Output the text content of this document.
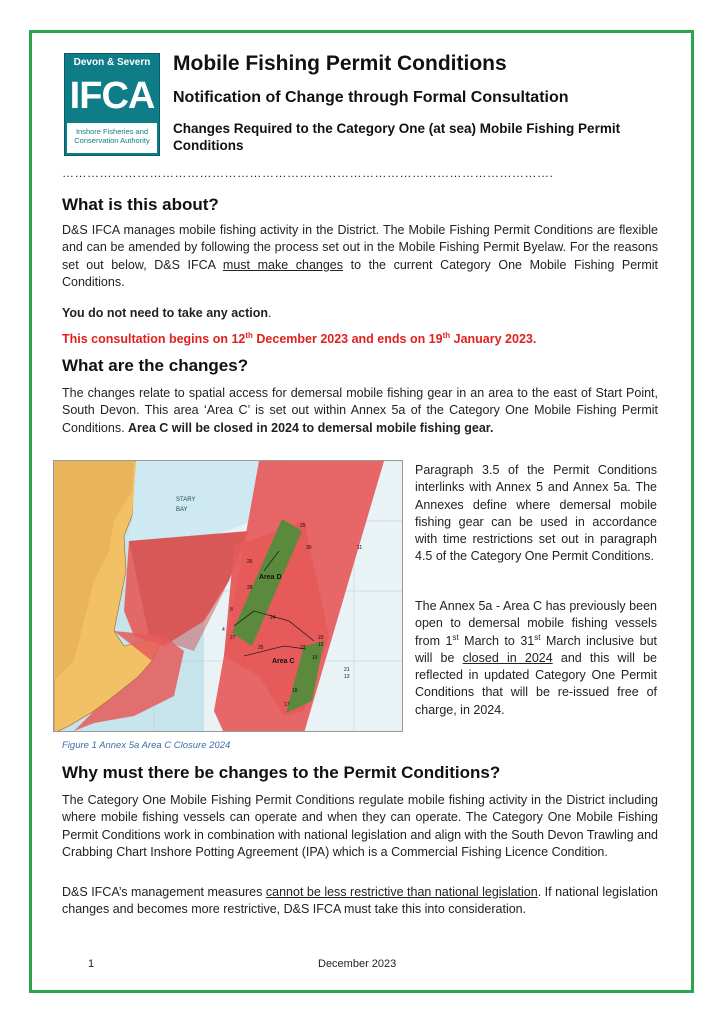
Devon & Severn
IFCA
Inshore Fisheries and Conservation Authority
Mobile Fishing Permit Conditions
Notification of Change through Formal Consultation
Changes Required to the Category One (at sea) Mobile Fishing Permit Conditions
……………………………………………………………………………………………………….
What is this about?
D&S IFCA manages mobile fishing activity in the District. The Mobile Fishing Permit Conditions are flexible and can be amended by following the process set out in the Mobile Fishing Permit Byelaw. For the reasons set out below, D&S IFCA must make changes to the current Category One Mobile Fishing Permit Conditions.
You do not need to take any action.
This consultation begins on 12th December 2023 and ends on 19th January 2023.
What are the changes?
The changes relate to spatial access for demersal mobile fishing gear in an area to the east of Start Point, South Devon. This area ‘Area C’ is set out within Annex 5a of the Category One Mobile Fishing Permit Conditions. Area C will be closed in 2024 to demersal mobile fishing gear.
STARY
BAY
Area D
Area C
29
30	11
26
28
24
27
25	22
19
20
12
21
13
18
17
8
4
Figure 1 Annex 5a Area C Closure 2024
Paragraph 3.5 of the Permit Conditions interlinks with Annex 5 and Annex 5a. The Annexes define where demersal mobile fishing gear can be used in accordance with time restrictions set out in paragraph 4.5 of the Category One Permit Conditions.
The Annex 5a - Area C has previously been open to demersal mobile fishing vessels from 1st March to 31st March inclusive but will be closed in 2024 and this will be reflected in updated Category One Permit Conditions that will be re-issued free of charge, in 2024.
Why must there be changes to the Permit Conditions?
The Category One Mobile Fishing Permit Conditions regulate mobile fishing activity in the District including where mobile fishing vessels can operate and when they can operate. The Category One Mobile Fishing Permit Conditions work in combination with national legislation and align with the South Devon Trawling and Crabbing Chart Inshore Potting Agreement (IPA) which is a Commercial Fishing Licence Condition.
D&S IFCA’s management measures cannot be less restrictive than national legislation. If national legislation changes and becomes more restrictive, D&S IFCA must take this into consideration.
1	December 2023
